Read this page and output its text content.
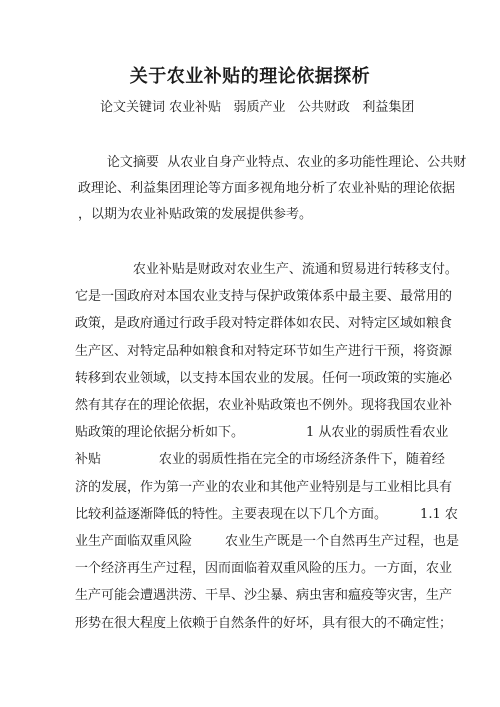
关于农业补贴的理论依据探析
论文关键词 农业补贴   弱质产业   公共财政   利益集团
论文摘要  从农业自身产业特点、农业的多功能性理论、公共财
政理论、利益集团理论等方面多视角地分析了农业补贴的理论依据
，以期为农业补贴政策的发展提供参考。
农业补贴是财政对农业生产、流通和贸易进行转移支付。
它是一国政府对本国农业支持与保护政策体系中最主要、最常用的
政策，是政府通过行政手段对特定群体如农民、对特定区域如粮食
生产区、对特定品种如粮食和对特定环节如生产进行干预，将资源
转移到农业领域，以支持本国农业的发展。任何一项政策的实施必
然有其存在的理论依据，农业补贴政策也不例外。现将我国农业补
贴政策的理论依据分析如下。               1 从农业的弱质性看农业
补贴              农业的弱质性指在完全的市场经济条件下，随着经
济的发展，作为第一产业的农业和其他产业特别是与工业相比具有
比较利益逐渐降低的特性。主要表现在以下几个方面。        1.1 农
业生产面临双重风险        农业生产既是一个自然再生产过程，也是
一个经济再生产过程，因而面临着双重风险的压力。一方面，农业
生产可能会遭遇洪涝、干旱、沙尘暴、病虫害和瘟疫等灾害，生产
形势在很大程度上依赖于自然条件的好坏，具有很大的不确定性；
